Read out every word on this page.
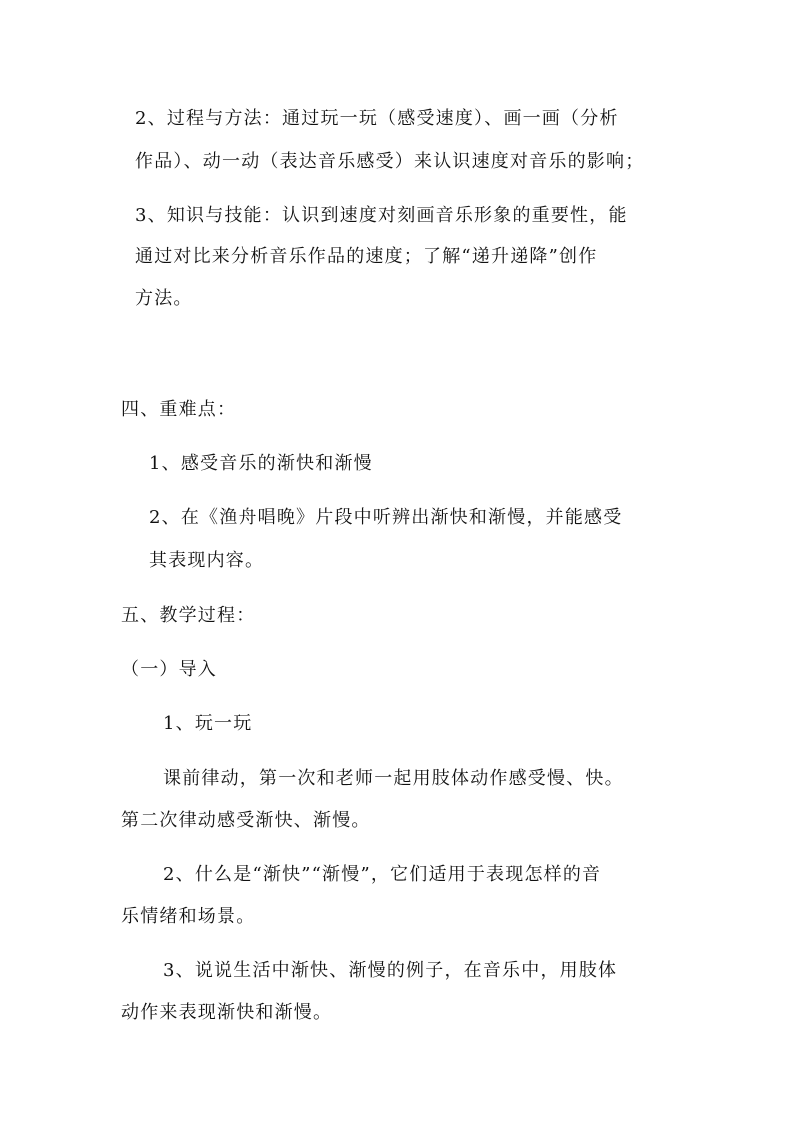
2、过程与方法：通过玩一玩（感受速度）、画一画（分析
作品）、动一动（表达音乐感受）来认识速度对音乐的影响；
3、知识与技能：认识到速度对刻画音乐形象的重要性，能
通过对比来分析音乐作品的速度；了解“递升递降”创作
方法。
四、重难点：
1、感受音乐的渐快和渐慢
2、在《渔舟唱晚》片段中听辨出渐快和渐慢，并能感受
其表现内容。
五、教学过程：
（一）导入
1、玩一玩
课前律动，第一次和老师一起用肢体动作感受慢、快。
第二次律动感受渐快、渐慢。
2、什么是“渐快”“渐慢”，它们适用于表现怎样的音
乐情绪和场景。
3、说说生活中渐快、渐慢的例子，在音乐中，用肢体
动作来表现渐快和渐慢。
